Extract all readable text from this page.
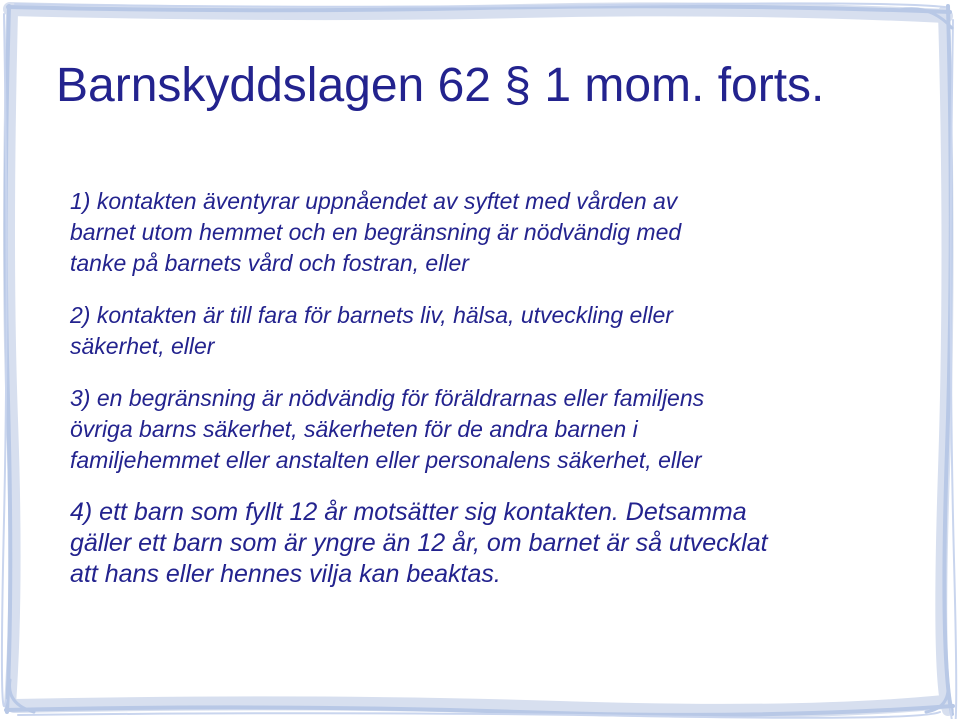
Barnskyddslagen 62 § 1 mom. forts.

1) kontakten äventyrar uppnåendet av syftet med vården av
barnet utom hemmet och en begränsning är nödvändig med
tanke på barnets vård och fostran, eller

2) kontakten är till fara för barnets liv, hälsa, utveckling eller
säkerhet, eller

3) en begränsning är nödvändig för föräldrarnas eller familjens
övriga barns säkerhet, säkerheten för de andra barnen i
familjehemmet eller anstalten eller personalens säkerhet, eller

4) ett barn som fyllt 12 år motsätter sig kontakten. Detsamma
gäller ett barn som är yngre än 12 år, om barnet är så utvecklat
att hans eller hennes vilja kan beaktas.
